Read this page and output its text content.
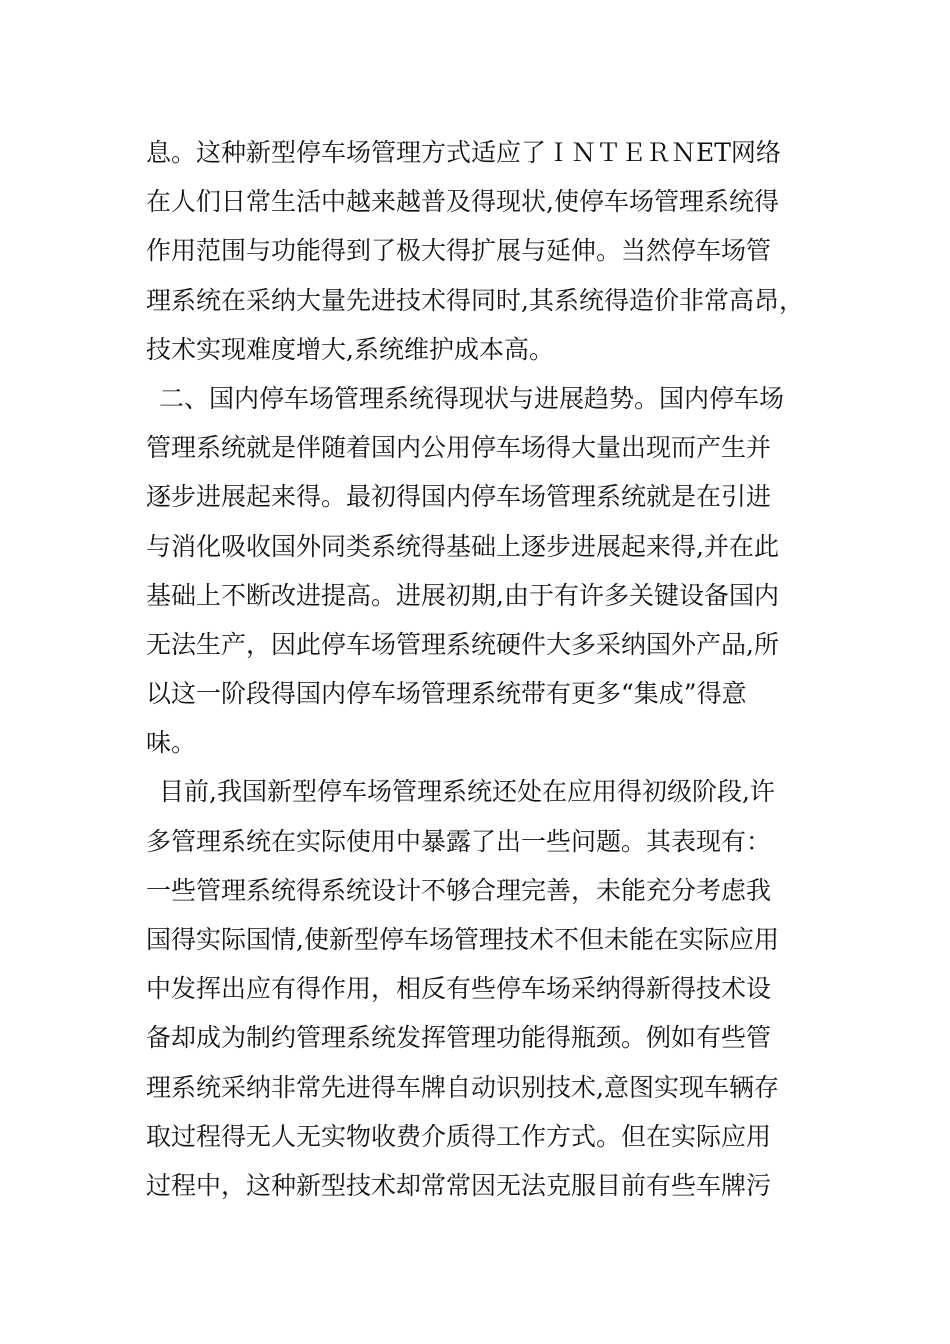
息。这种新型停车场管理方式适应了ＩＮＴＥＲＮET网络
在人们日常生活中越来越普及得现状,使停车场管理系统得
作用范围与功能得到了极大得扩展与延伸。当然停车场管
理系统在采纳大量先进技术得同时,其系统得造价非常高昂，
技术实现难度增大,系统维护成本高。
二、国内停车场管理系统得现状与进展趋势。国内停车场
管理系统就是伴随着国内公用停车场得大量出现而产生并
逐步进展起来得。最初得国内停车场管理系统就是在引进
与消化吸收国外同类系统得基础上逐步进展起来得,并在此
基础上不断改进提高。进展初期,由于有许多关键设备国内
无法生产，因此停车场管理系统硬件大多采纳国外产品,所
以这一阶段得国内停车场管理系统带有更多“集成”得意
味。
目前,我国新型停车场管理系统还处在应用得初级阶段,许
多管理系统在实际使用中暴露了出一些问题。其表现有：
一些管理系统得系统设计不够合理完善，未能充分考虑我
国得实际国情,使新型停车场管理技术不但未能在实际应用
中发挥出应有得作用，相反有些停车场采纳得新得技术设
备却成为制约管理系统发挥管理功能得瓶颈。例如有些管
理系统采纳非常先进得车牌自动识别技术,意图实现车辆存
取过程得无人无实物收费介质得工作方式。但在实际应用
过程中，这种新型技术却常常因无法克服目前有些车牌污
